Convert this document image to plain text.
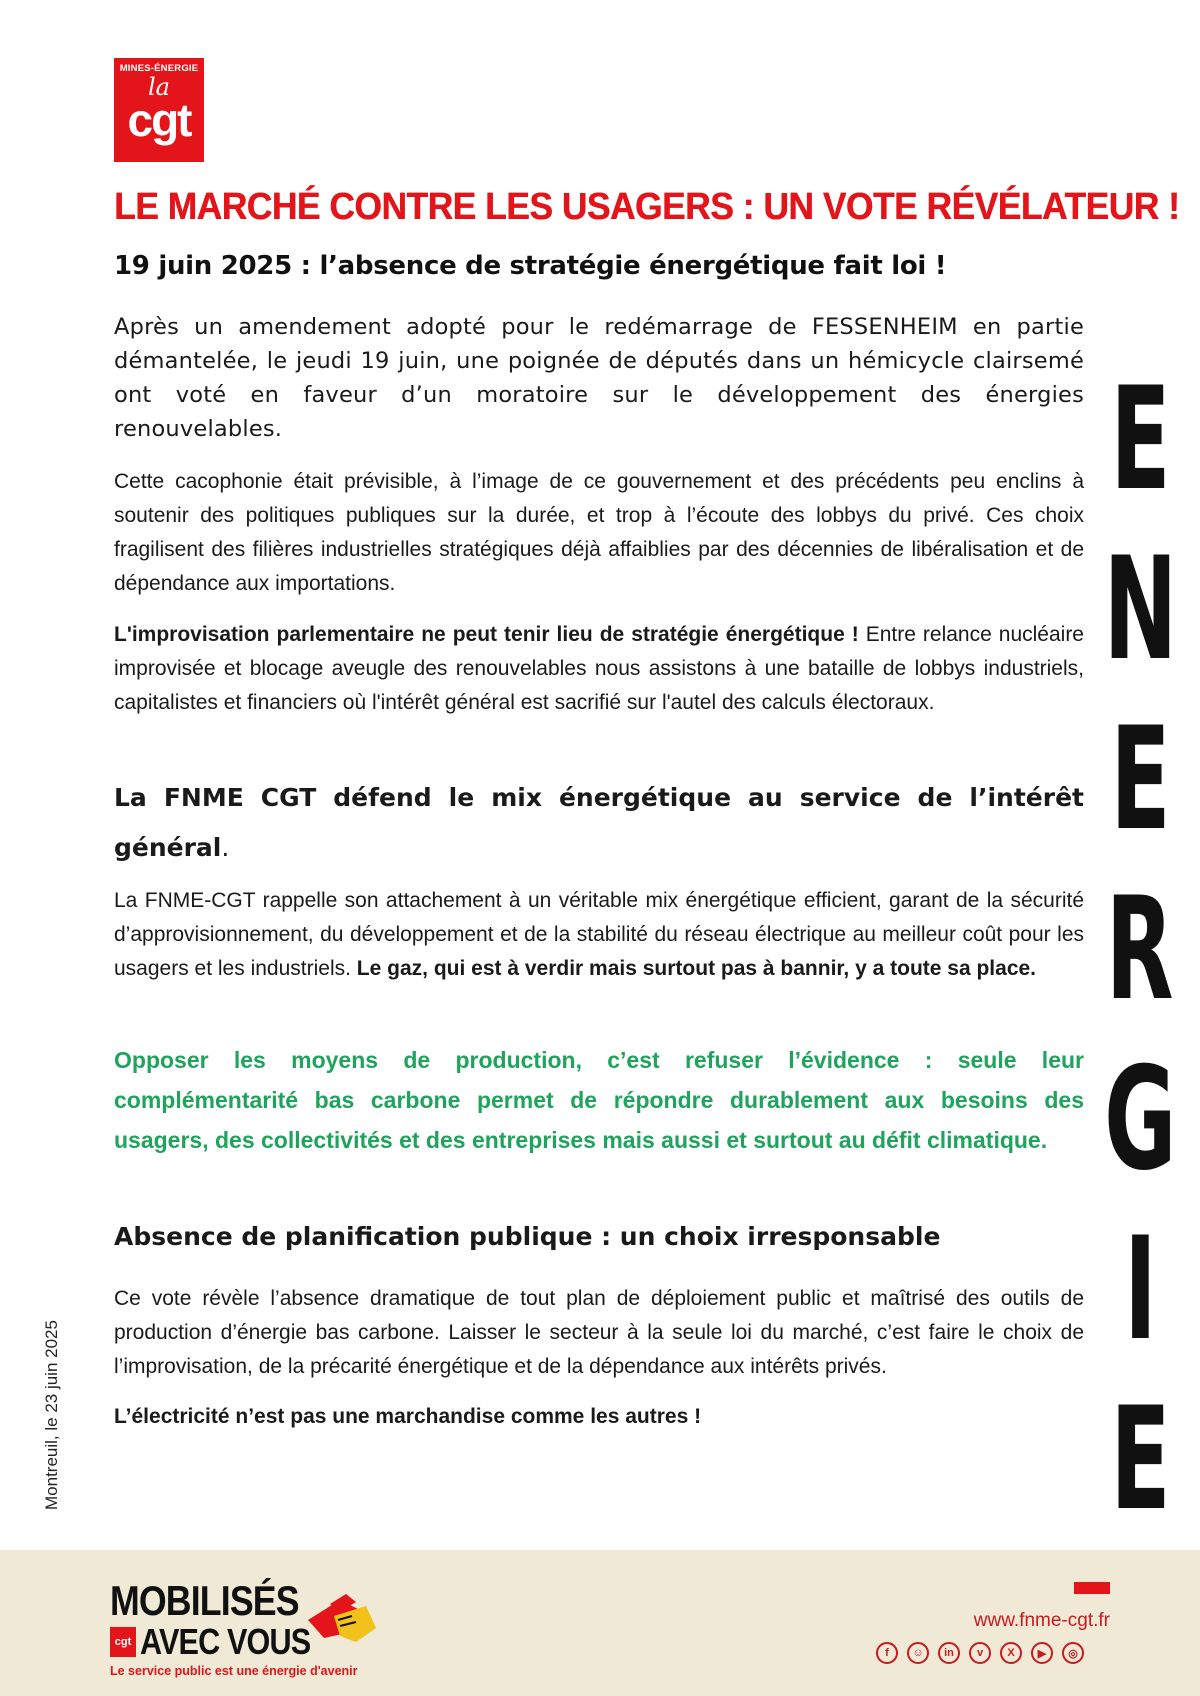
MINES-ÉNERGIE
la
cgt
LE MARCHÉ CONTRE LES USAGERS : UN VOTE RÉVÉLATEUR !
19 juin 2025 : l’absence de stratégie énergétique fait loi !

Après un amendement adopté pour le redémarrage de FESSENHEIM en partie démantelée, le jeudi 19 juin, une poignée de députés dans un hémicycle clairsemé ont voté en faveur d’un moratoire sur le développement des énergies renouvelables.

Cette cacophonie était prévisible, à l’image de ce gouvernement et des précédents peu enclins à soutenir des politiques publiques sur la durée, et trop à l’écoute des lobbys du privé. Ces choix fragilisent des filières industrielles stratégiques déjà affaiblies par des décennies de libéralisation et de dépendance aux importations.

L'improvisation parlementaire ne peut tenir lieu de stratégie énergétique ! Entre relance nucléaire improvisée et blocage aveugle des renouvelables nous assistons à une bataille de lobbys industriels, capitalistes et financiers où l'intérêt général est sacrifié sur l'autel des calculs électoraux.

La FNME CGT défend le mix énergétique au service de l’intérêt général.

La FNME-CGT rappelle son attachement à un véritable mix énergétique efficient, garant de la sécurité d’approvisionnement, du développement et de la stabilité du réseau électrique au meilleur coût pour les usagers et les industriels. Le gaz, qui est à verdir mais surtout pas à bannir, y a toute sa place.

Opposer les moyens de production, c’est refuser l’évidence : seule leur complémentarité bas carbone permet de répondre durablement aux besoins des usagers, des collectivités et des entreprises mais aussi et surtout au défit climatique.

Absence de planification publique : un choix irresponsable

Ce vote révèle l’absence dramatique de tout plan de déploiement public et maîtrisé des outils de production d’énergie bas carbone. Laisser le secteur à la seule loi du marché, c’est faire le choix de l’improvisation, de la précarité énergétique et de la dépendance aux intérêts privés.

L’électricité n’est pas une marchandise comme les autres !

E
N
E
R
G
I
E
Montreuil, le 23 juin 2025
MOBILISÉS
cgt AVEC VOUS
Le service public est une énergie d'avenir
www.fnme-cgt.fr
f	☺	in	v	X	▶	◎
